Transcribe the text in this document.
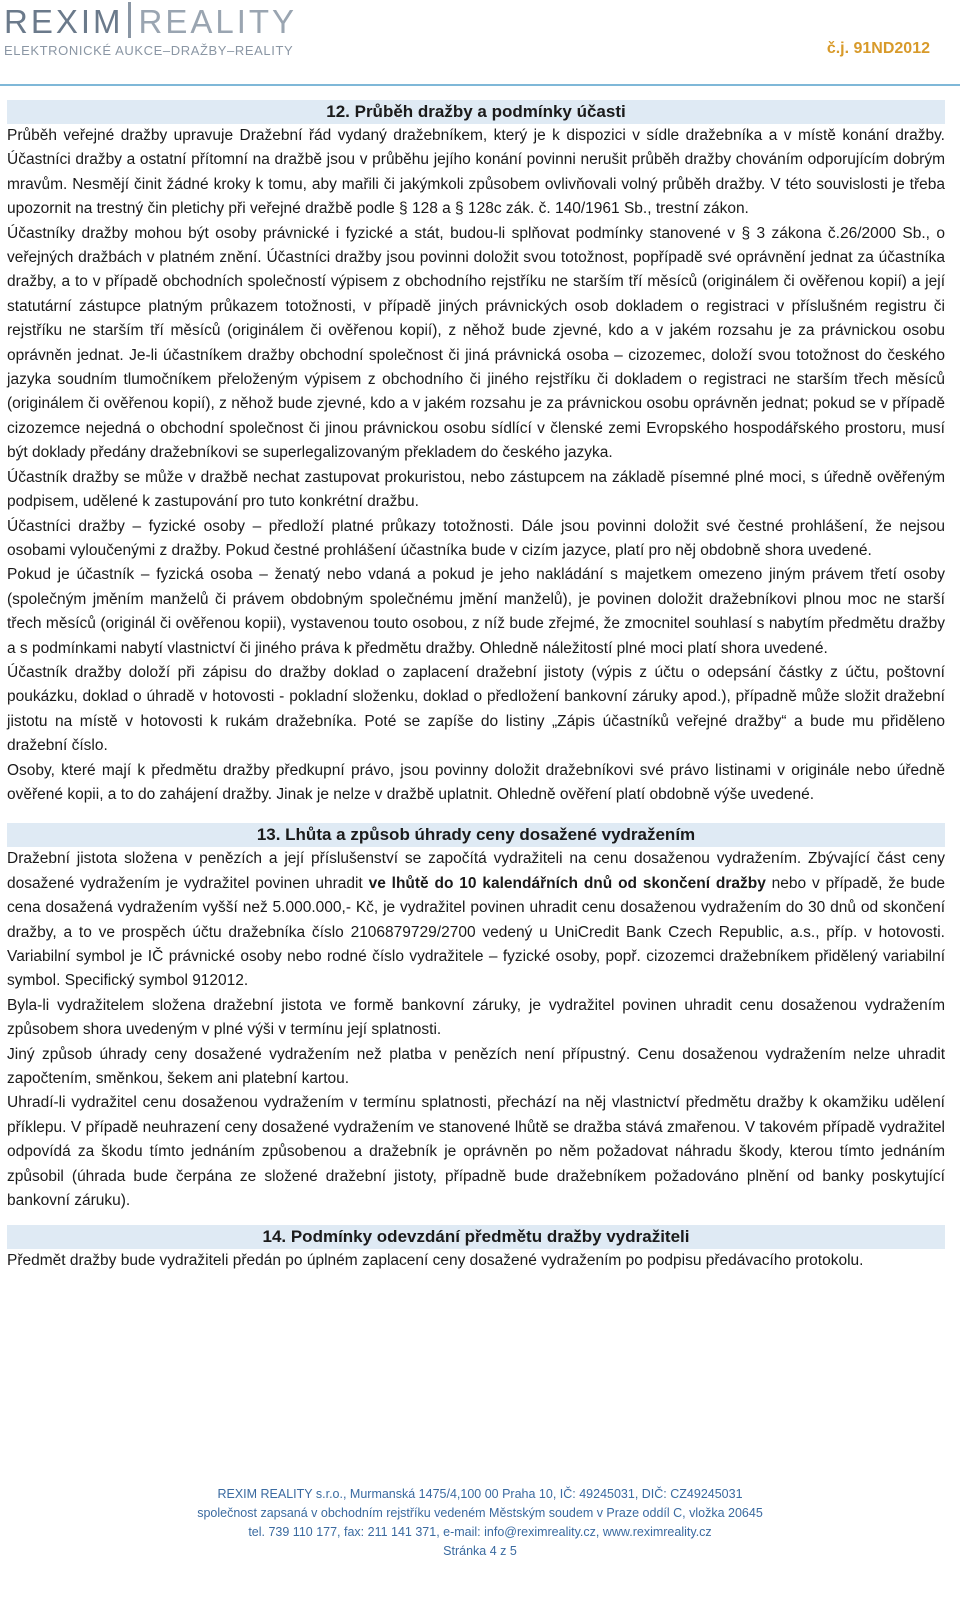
REXIM REALITY
ELEKTRONICKÉ AUKCE–DRAŽBY–REALITY	č.j. 91ND2012

12. Průběh dražby a podmínky účasti

Průběh veřejné dražby upravuje Dražební řád vydaný dražebníkem, který je k dispozici v sídle dražebníka a v místě konání dražby. Účastníci dražby a ostatní přítomní na dražbě jsou v průběhu jejího konání povinni nerušit průběh dražby chováním odporujícím dobrým mravům. Nesmějí činit žádné kroky k tomu, aby mařili či jakýmkoli způsobem ovlivňovali volný průběh dražby. V této souvislosti je třeba upozornit na trestný čin pletichy při veřejné dražbě podle § 128 a § 128c zák. č. 140/1961 Sb., trestní zákon.

Účastníky dražby mohou být osoby právnické i fyzické a stát, budou-li splňovat podmínky stanovené v § 3 zákona č.26/2000 Sb., o veřejných dražbách v platném znění. Účastníci dražby jsou povinni doložit svou totožnost, popřípadě své oprávnění jednat za účastníka dražby, a to v případě obchodních společností výpisem z obchodního rejstříku ne starším tří měsíců (originálem či ověřenou kopií) a její statutární zástupce platným průkazem totožnosti, v případě jiných právnických osob dokladem o registraci v příslušném registru či rejstříku ne starším tří měsíců (originálem či ověřenou kopií), z něhož bude zjevné, kdo a v jakém rozsahu je za právnickou osobu oprávněn jednat. Je-li účastníkem dražby obchodní společnost či jiná právnická osoba – cizozemec, doloží svou totožnost do českého jazyka soudním tlumočníkem přeloženým výpisem z obchodního či jiného rejstříku či dokladem o registraci ne starším třech měsíců (originálem či ověřenou kopií), z něhož bude zjevné, kdo a v jakém rozsahu je za právnickou osobu oprávněn jednat; pokud se v případě cizozemce nejedná o obchodní společnost či jinou právnickou osobu sídlící v členské zemi Evropského hospodářského prostoru, musí být doklady předány dražebníkovi se superlegalizovaným překladem do českého jazyka.

Účastník dražby se může v dražbě nechat zastupovat prokuristou, nebo zástupcem na základě písemné plné moci, s úředně ověřeným podpisem, udělené k zastupování pro tuto konkrétní dražbu.

Účastníci dražby – fyzické osoby – předloží platné průkazy totožnosti. Dále jsou povinni doložit své čestné prohlášení, že nejsou osobami vyloučenými z dražby. Pokud čestné prohlášení účastníka bude v cizím jazyce, platí pro něj obdobně shora uvedené.

Pokud je účastník – fyzická osoba – ženatý nebo vdaná a pokud je jeho nakládání s majetkem omezeno jiným právem třetí osoby (společným jměním manželů či právem obdobným společnému jmění manželů), je povinen doložit dražebníkovi plnou moc ne starší třech měsíců (originál či ověřenou kopii), vystavenou touto osobou, z níž bude zřejmé, že zmocnitel souhlasí s nabytím předmětu dražby a s podmínkami nabytí vlastnictví či jiného práva k předmětu dražby. Ohledně náležitostí plné moci platí shora uvedené.

Účastník dražby doloží při zápisu do dražby doklad o zaplacení dražební jistoty (výpis z účtu o odepsání částky z účtu, poštovní poukázku, doklad o úhradě v hotovosti - pokladní složenku, doklad o předložení bankovní záruky apod.), případně může složit dražební jistotu na místě v hotovosti k rukám dražebníka. Poté se zapíše do listiny „Zápis účastníků veřejné dražby“ a bude mu přiděleno dražební číslo.

Osoby, které mají k předmětu dražby předkupní právo, jsou povinny doložit dražebníkovi své právo listinami v originále nebo úředně ověřené kopii, a to do zahájení dražby. Jinak je nelze v dražbě uplatnit. Ohledně ověření platí obdobně výše uvedené.

13. Lhůta a způsob úhrady ceny dosažené vydražením

Dražební jistota složena v penězích a její příslušenství se započítá vydražiteli na cenu dosaženou vydražením. Zbývající část ceny dosažené vydražením je vydražitel povinen uhradit ve lhůtě do 10 kalendářních dnů od skončení dražby nebo v případě, že bude cena dosažená vydražením vyšší než 5.000.000,- Kč, je vydražitel povinen uhradit cenu dosaženou vydražením do 30 dnů od skončení dražby, a to ve prospěch účtu dražebníka číslo 2106879729/2700 vedený u UniCredit Bank Czech Republic, a.s., příp. v hotovosti. Variabilní symbol je IČ právnické osoby nebo rodné číslo vydražitele – fyzické osoby, popř. cizozemci dražebníkem přidělený variabilní symbol. Specifický symbol 912012.

Byla-li vydražitelem složena dražební jistota ve formě bankovní záruky, je vydražitel povinen uhradit cenu dosaženou vydražením způsobem shora uvedeným v plné výši v termínu její splatnosti.

Jiný způsob úhrady ceny dosažené vydražením než platba v penězích není přípustný. Cenu dosaženou vydražením nelze uhradit započtením, směnkou, šekem ani platební kartou.

Uhradí-li vydražitel cenu dosaženou vydražením v termínu splatnosti, přechází na něj vlastnictví předmětu dražby k okamžiku udělení příklepu. V případě neuhrazení ceny dosažené vydražením ve stanovené lhůtě se dražba stává zmařenou. V takovém případě vydražitel odpovídá za škodu tímto jednáním způsobenou a dražebník je oprávněn po něm požadovat náhradu škody, kterou tímto jednáním způsobil (úhrada bude čerpána ze složené dražební jistoty, případně bude dražebníkem požadováno plnění od banky poskytující bankovní záruku).

14. Podmínky odevzdání předmětu dražby vydražiteli

Předmět dražby bude vydražiteli předán po úplném zaplacení ceny dosažené vydražením po podpisu předávacího protokolu.

REXIM REALITY s.r.o., Murmanská 1475/4,100 00 Praha 10, IČ: 49245031, DIČ: CZ49245031
společnost zapsaná v obchodním rejstříku vedeném Městským soudem v Praze oddíl C, vložka 20645
tel. 739 110 177, fax: 211 141 371, e-mail: info@reximreality.cz, www.reximreality.cz
Stránka 4 z 5
